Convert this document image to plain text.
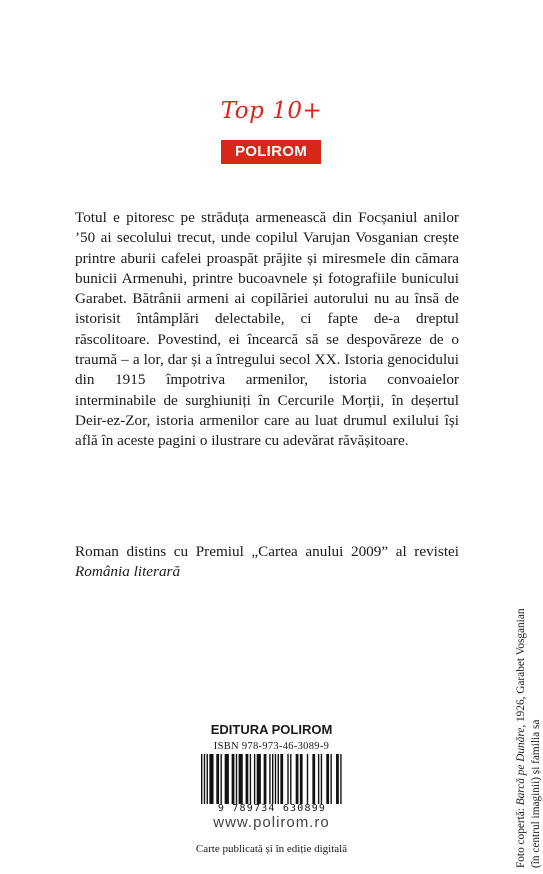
Top 10+
POLIROM

Totul e pitoresc pe străduța armenească din Focșaniul anilor ’50 ai secolului trecut, unde copilul Varujan Vosganian crește printre aburii cafelei proaspăt prăjite și miresmele din cămara bunicii Armenuhi, printre bucoavnele și fotografiile bunicului Garabet. Bătrânii armeni ai copilăriei autorului nu au însă de istorisit întâmplări delectabile, ci fapte de-a dreptul răscolitoare. Povestind, ei încearcă să se despovăreze de o traumă – a lor, dar și a întregului secol XX. Istoria genocidului din 1915 împotriva armenilor, istoria convoaielor interminabile de surghiuniți în Cercurile Morții, în deșertul Deir-ez-Zor, istoria armenilor care au luat drumul exilului își află în aceste pagini o ilustrare cu adevărat răvășitoare.

Roman distins cu Premiul „Cartea anului 2009” al revistei România literară

EDITURA POLIROM
ISBN 978-973-46-3089-9
9 789734 630899
www.polirom.ro
Carte publicată și în ediție digitală	Foto copertă: Barcă pe Dunăre, 1926, Garabet Vosganian
(în centrul imaginii) și familia sa
